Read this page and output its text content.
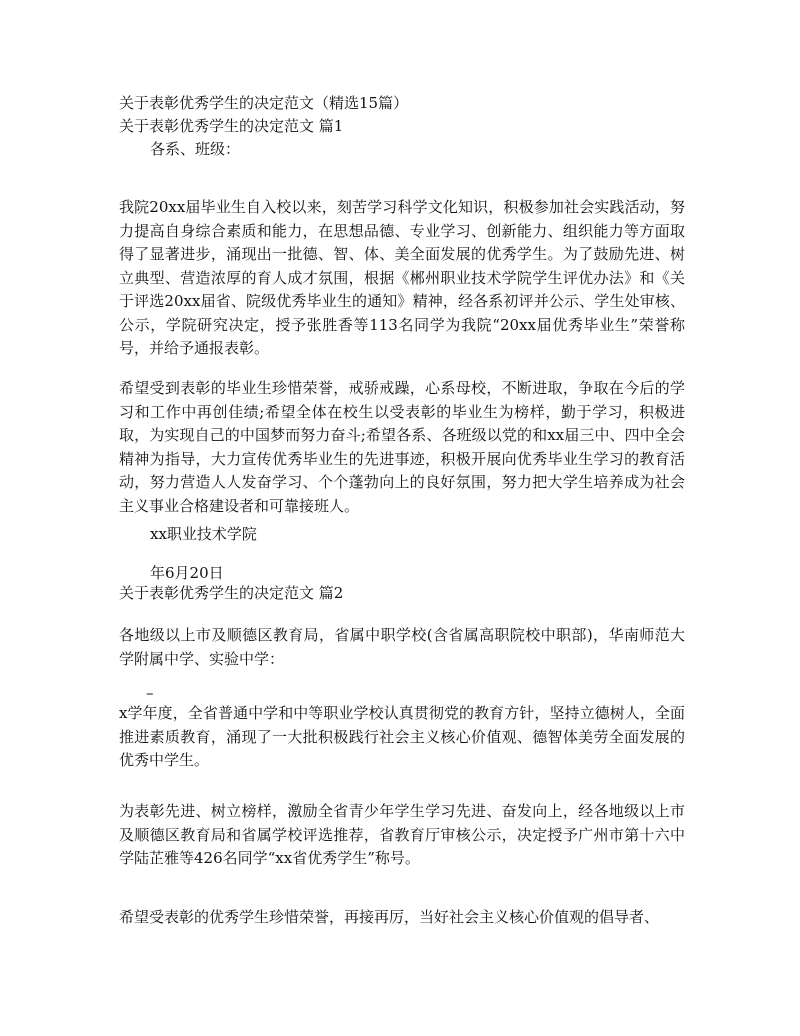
关于表彰优秀学生的决定范文（精选15篇）

关于表彰优秀学生的决定范文 篇1

各系、班级：

我院20xx届毕业生自入校以来，刻苦学习科学文化知识，积极参加社会实践活动，努力提高自身综合素质和能力，在思想品德、专业学习、创新能力、组织能力等方面取得了显著进步，涌现出一批德、智、体、美全面发展的优秀学生。为了鼓励先进、树立典型、营造浓厚的育人成才氛围，根据《郴州职业技术学院学生评优办法》和《关于评选20xx届省、院级优秀毕业生的通知》精神，经各系初评并公示、学生处审核、公示，学院研究决定，授予张胜香等113名同学为我院“20xx届优秀毕业生”荣誉称号，并给予通报表彰。

希望受到表彰的毕业生珍惜荣誉，戒骄戒躁，心系母校，不断进取，争取在今后的学习和工作中再创佳绩;希望全体在校生以受表彰的毕业生为榜样，勤于学习，积极进取，为实现自己的中国梦而努力奋斗;希望各系、各班级以党的和xx届三中、四中全会精神为指导，大力宣传优秀毕业生的先进事迹，积极开展向优秀毕业生学习的教育活动，努力营造人人发奋学习、个个蓬勃向上的良好氛围，努力把大学生培养成为社会主义事业合格建设者和可靠接班人。

xx职业技术学院

年6月20日

关于表彰优秀学生的决定范文 篇2

各地级以上市及顺德区教育局，省属中职学校(含省属高职院校中职部)，华南师范大学附属中学、实验中学：

–

x学年度，全省普通中学和中等职业学校认真贯彻党的教育方针，坚持立德树人，全面推进素质教育，涌现了一大批积极践行社会主义核心价值观、德智体美劳全面发展的优秀中学生。

为表彰先进、树立榜样，激励全省青少年学生学习先进、奋发向上，经各地级以上市及顺德区教育局和省属学校评选推荐，省教育厅审核公示，决定授予广州市第十六中学陆芷雅等426名同学“xx省优秀学生”称号。

希望受表彰的优秀学生珍惜荣誉，再接再厉，当好社会主义核心价值观的倡导者、
